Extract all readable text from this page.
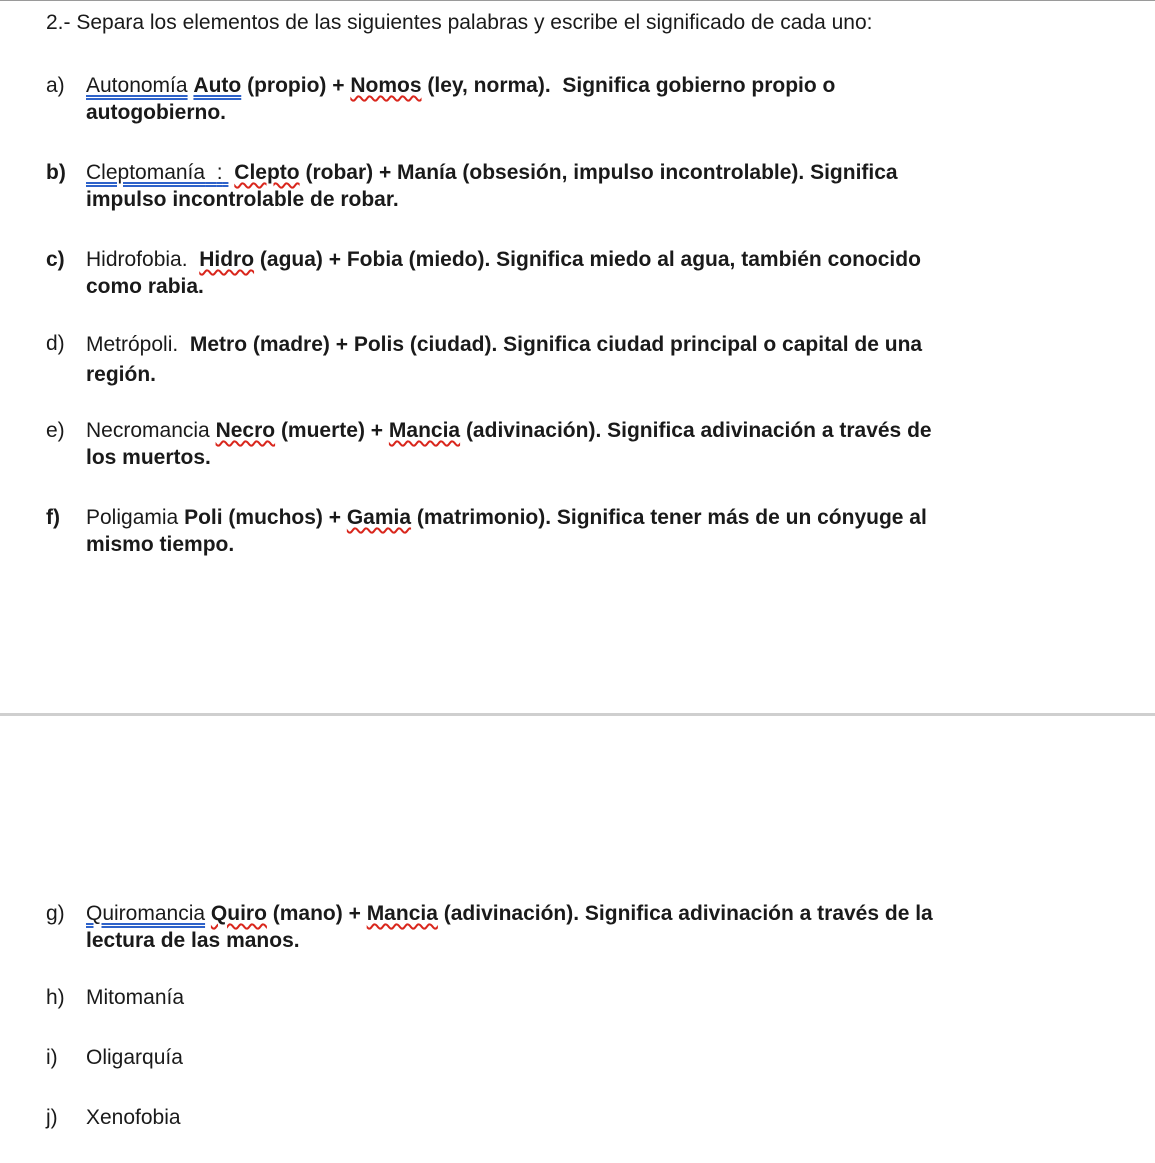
2.- Separa los elementos de las siguientes palabras y escribe el significado de cada uno:
a)	Autonomía Auto (propio) + Nomos (ley, norma). Significa gobierno propio o
autogobierno.
b) Cleptomanía : Clepto (robar) + Manía (obsesión, impulso incontrolable). Significa
impulso incontrolable de robar.
c)	Hidrofobia. Hidro (agua) + Fobia (miedo). Significa miedo al agua, también conocido
como rabia.
d)	Metrópoli. Metro (madre) + Polis (ciudad). Significa ciudad principal o capital de una
región.
e)	Necromancia Necro (muerte) + Mancia (adivinación). Significa adivinación a través de
los muertos.
f)	Poligamia Poli (muchos) + Gamia (matrimonio). Significa tener más de un cónyuge al
mismo tiempo.
g)	Quiromancia Quiro (mano) + Mancia (adivinación). Significa adivinación a través de la
lectura de las manos.
h)	Mitomanía
i)	Oligarquía
j)	Xenofobia
